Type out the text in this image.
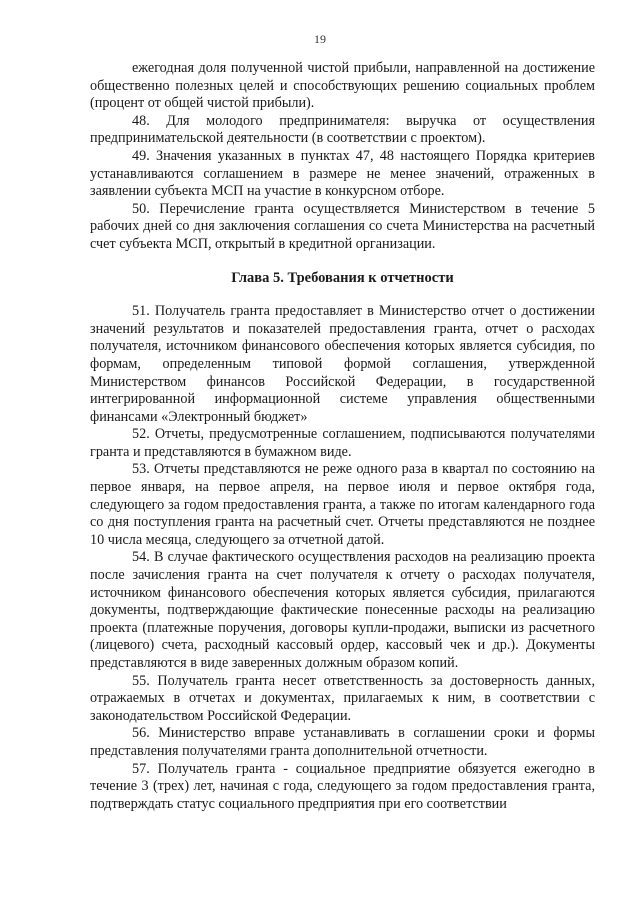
19

ежегодная доля полученной чистой прибыли, направленной на достижение общественно полезных целей и способствующих решению социальных проблем (процент от общей чистой прибыли).

48. Для молодого предпринимателя: выручка от осуществления предпринимательской деятельности (в соответствии с проектом).

49. Значения указанных в пунктах 47, 48 настоящего Порядка критериев устанавливаются соглашением в размере не менее значений, отраженных в заявлении субъекта МСП на участие в конкурсном отборе.

50. Перечисление гранта осуществляется Министерством в течение 5 рабочих дней со дня заключения соглашения со счета Министерства на расчетный счет субъекта МСП, открытый в кредитной организации.

Глава 5. Требования к отчетности

51. Получатель гранта предоставляет в Министерство отчет о достижении значений результатов и показателей предоставления гранта, отчет о расходах получателя, источником финансового обеспечения которых является субсидия, по формам, определенным типовой формой соглашения, утвержденной Министерством финансов Российской Федерации, в государственной интегрированной информационной системе управления общественными финансами «Электронный бюджет»

52. Отчеты, предусмотренные соглашением, подписываются получателями гранта и представляются в бумажном виде.

53. Отчеты представляются не реже одного раза в квартал по состоянию на первое января, на первое апреля, на первое июля и первое октября года, следующего за годом предоставления гранта, а также по итогам календарного года со дня поступления гранта на расчетный счет. Отчеты представляются не позднее 10 числа месяца, следующего за отчетной датой.

54. В случае фактического осуществления расходов на реализацию проекта после зачисления гранта на счет получателя к отчету о расходах получателя, источником финансового обеспечения которых является субсидия, прилагаются документы, подтверждающие фактические понесенные расходы на реализацию проекта (платежные поручения, договоры купли-продажи, выписки из расчетного (лицевого) счета, расходный кассовый ордер, кассовый чек и др.). Документы представляются в виде заверенных должным образом копий.

55. Получатель гранта несет ответственность за достоверность данных, отражаемых в отчетах и документах, прилагаемых к ним, в соответствии с законодательством Российской Федерации.

56. Министерство вправе устанавливать в соглашении сроки и формы представления получателями гранта дополнительной отчетности.

57. Получатель гранта - социальное предприятие обязуется ежегодно в течение 3 (трех) лет, начиная с года, следующего за годом предоставления гранта, подтверждать статус социального предприятия при его соответствии
